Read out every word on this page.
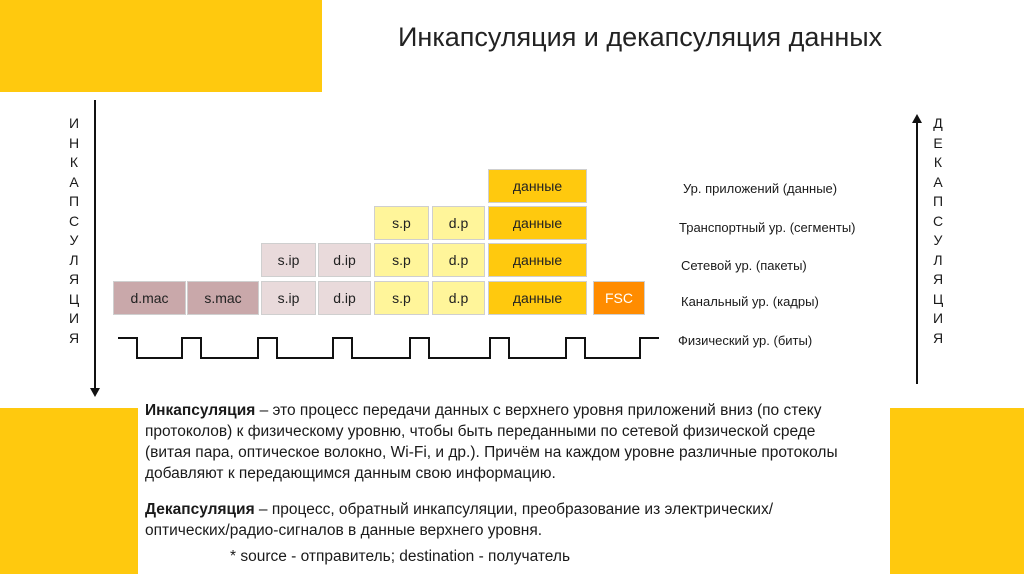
Инкапсуляция и декапсуляция данных
И
Н
К
А
П
С
У
Л
Я
Ц
И
Я
Д
Е
К
А
П
С
У
Л
Я
Ц
И
Я
данные
s.p	d.p	данные
s.ip	d.ip	s.p	d.p	данные
d.mac	s.mac	s.ip	d.ip	s.p	d.p	данные	FSC
Ур. приложений (данные)
Транспортный ур. (сегменты)
Сетевой ур. (пакеты)
Канальный ур. (кадры)
Физический ур. (биты)
Инкапсуляция – это процесс передачи данных с верхнего уровня приложений вниз (по стеку протоколов) к физическому уровню, чтобы быть переданными по сетевой физической среде (витая пара, оптическое волокно, Wi-Fi, и др.). Причём на каждом уровне различные протоколы добавляют к передающимся данным свою информацию.
Декапсуляция – процесс, обратный инкапсуляции, преобразование из электрических/оптических/радио-сигналов в данные верхнего уровня.
* source - отправитель; destination - получатель
